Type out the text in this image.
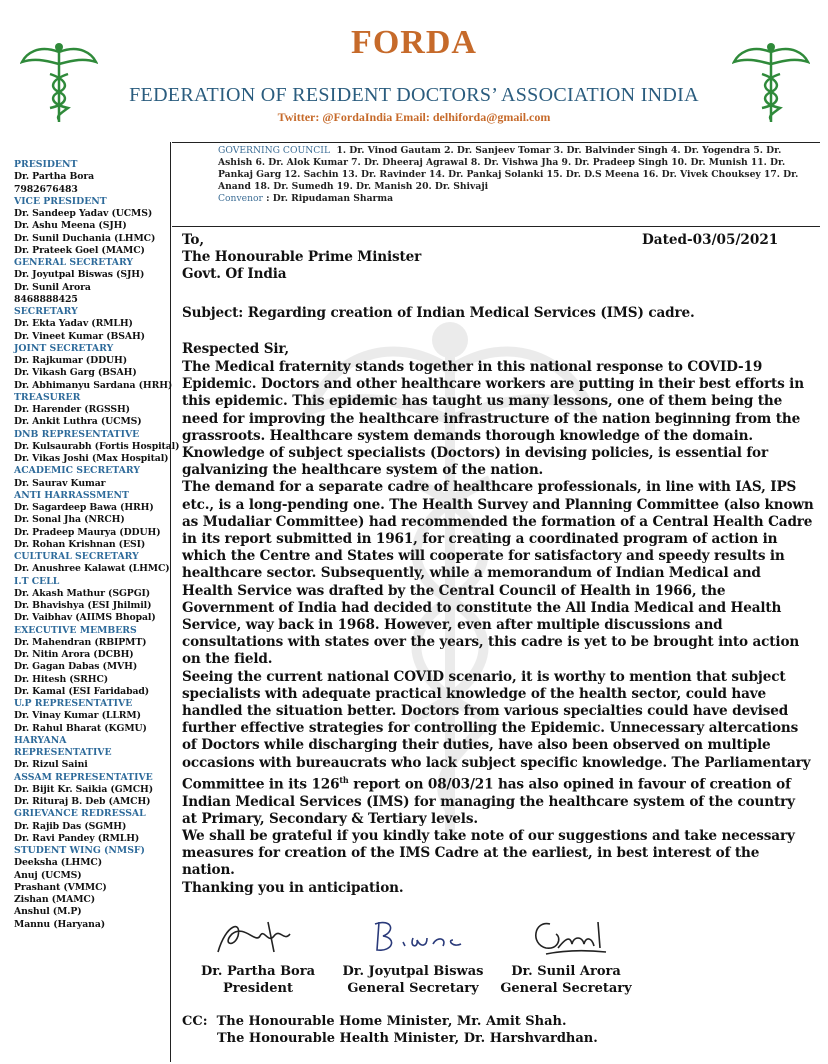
FORDA
FEDERATION OF RESIDENT DOCTORS’ ASSOCIATION INDIA
Twitter: @FordaIndia Email: delhiforda@gmail.com
GOVERNING COUNCIL 1. Dr. Vinod Gautam 2. Dr. Sanjeev Tomar 3. Dr. Balvinder Singh 4. Dr. Yogendra 5. Dr. Ashish 6. Dr. Alok Kumar 7. Dr. Dheeraj Agrawal 8. Dr. Vishwa Jha 9. Dr. Pradeep Singh 10. Dr. Munish 11. Dr. Pankaj Garg 12. Sachin 13. Dr. Ravinder 14. Dr. Pankaj Solanki 15. Dr. D.S Meena 16. Dr. Vivek Chouksey 17. Dr. Anand 18. Dr. Sumedh 19. Dr. Manish 20. Dr. Shivaji
Convenor : Dr. Ripudaman Sharma
PRESIDENT
Dr. Partha Bora
7982676483
VICE PRESIDENT
Dr. Sandeep Yadav (UCMS)
Dr. Ashu Meena (SJH)
Dr. Sunil Duchania (LHMC)
Dr. Prateek Goel (MAMC)
GENERAL SECRETARY
Dr. Joyutpal Biswas (SJH)
Dr. Sunil Arora
8468888425
SECRETARY
Dr. Ekta Yadav (RMLH)
Dr. Vineet Kumar (BSAH)
JOINT SECRETARY
Dr. Rajkumar (DDUH)
Dr. Vikash Garg (BSAH)
Dr. Abhimanyu Sardana (HRH)
TREASURER
Dr. Harender (RGSSH)
Dr. Ankit Luthra (UCMS)
DNB REPRESENTATIVE
Dr. Kulsaurabh (Fortis Hospital)
Dr. Vikas Joshi (Max Hospital)
ACADEMIC SECRETARY
Dr. Saurav Kumar
ANTI HARRASSMENT
Dr. Sagardeep Bawa (HRH)
Dr. Sonal Jha (NRCH)
Dr. Pradeep Maurya (DDUH)
Dr. Rohan Krishnan (ESI)
CULTURAL SECRETARY
Dr. Anushree Kalawat (LHMC)
I.T CELL
Dr. Akash Mathur (SGPGI)
Dr. Bhavishya (ESI Jhilmil)
Dr. Vaibhav (AIIMS Bhopal)
EXECUTIVE MEMBERS
Dr. Mahendran (RBIPMT)
Dr. Nitin Arora (DCBH)
Dr. Gagan Dabas (MVH)
Dr. Hitesh (SRHC)
Dr. Kamal (ESI Faridabad)
U.P REPRESENTATIVE
Dr. Vinay Kumar (LLRM)
Dr. Rahul Bharat (KGMU)
HARYANA
REPRESENTATIVE
Dr. Rizul Saini
ASSAM REPRESENTATIVE
Dr. Bijit Kr. Saikia (GMCH)
Dr. Rituraj B. Deb (AMCH)
GRIEVANCE REDRESSAL
Dr. Rajib Das (SGMH)
Dr. Ravi Pandey (RMLH)
STUDENT WING (NMSF)
Deeksha (LHMC)
Anuj (UCMS)
Prashant (VMMC)
Zishan (MAMC)
Anshul (M.P)
Mannu (Haryana)
To,
The Honourable Prime Minister
Govt. Of India
Dated-03/05/2021
Subject: Regarding creation of Indian Medical Services (IMS) cadre.
Respected Sir,

The Medical fraternity stands together in this national response to COVID-19 Epidemic. Doctors and other healthcare workers are putting in their best efforts in this epidemic. This epidemic has taught us many lessons, one of them being the need for improving the healthcare infrastructure of the nation beginning from the grassroots. Healthcare system demands thorough knowledge of the domain. Knowledge of subject specialists (Doctors) in devising policies, is essential for galvanizing the healthcare system of the nation.

The demand for a separate cadre of healthcare professionals, in line with IAS, IPS etc., is a long-pending one. The Health Survey and Planning Committee (also known as Mudaliar Committee) had recommended the formation of a Central Health Cadre in its report submitted in 1961, for creating a coordinated program of action in which the Centre and States will cooperate for satisfactory and speedy results in healthcare sector. Subsequently, while a memorandum of Indian Medical and Health Service was drafted by the Central Council of Health in 1966, the Government of India had decided to constitute the All India Medical and Health Service, way back in 1968. However, even after multiple discussions and consultations with states over the years, this cadre is yet to be brought into action on the field.

Seeing the current national COVID scenario, it is worthy to mention that subject specialists with adequate practical knowledge of the health sector, could have handled the situation better. Doctors from various specialties could have devised further effective strategies for controlling the Epidemic. Unnecessary altercations of Doctors while discharging their duties, have also been observed on multiple occasions with bureaucrats who lack subject specific knowledge. The Parliamentary Committee in its 126th report on 08/03/21 has also opined in favour of creation of Indian Medical Services (IMS) for managing the healthcare system of the country at Primary, Secondary & Tertiary levels.

We shall be grateful if you kindly take note of our suggestions and take necessary measures for creation of the IMS Cadre at the earliest, in best interest of the nation.

Thanking you in anticipation.

Dr. Partha Bora
President
Dr. Joyutpal Biswas
General Secretary
Dr. Sunil Arora
General Secretary
CC: The Honourable Home Minister, Mr. Amit Shah.
The Honourable Health Minister, Dr. Harshvardhan.
